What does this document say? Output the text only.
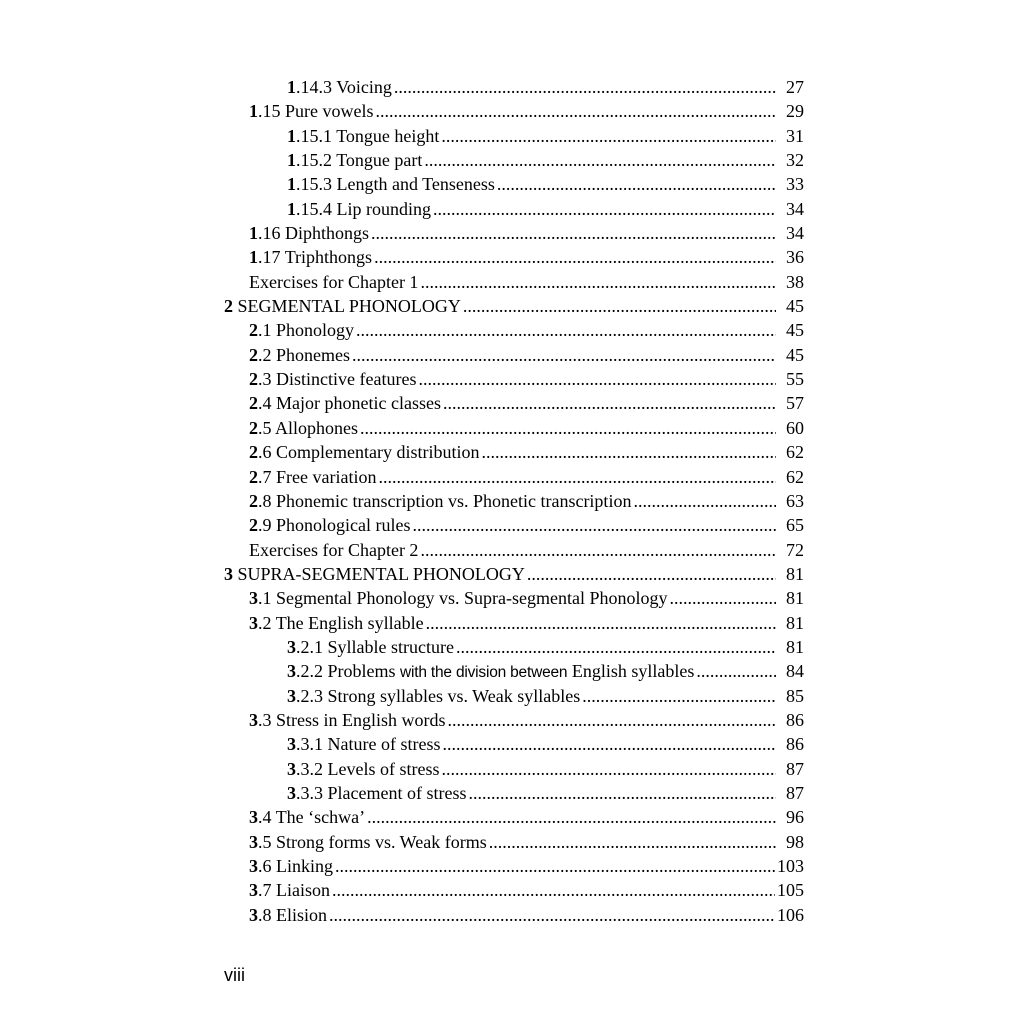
1.14.3 Voicing .....	27
1.15 Pure vowels .....	29
1.15.1 Tongue height .....	31
1.15.2 Tongue part .....	32
1.15.3 Length and Tenseness .....	33
1.15.4 Lip rounding .....	34
1.16 Diphthongs .....	34
1.17 Triphthongs .....	36
Exercises for Chapter 1 .....	38
2 SEGMENTAL PHONOLOGY .....	45
2.1 Phonology .....	45
2.2 Phonemes .....	45
2.3 Distinctive features .....	55
2.4 Major phonetic classes .....	57
2.5 Allophones .....	60
2.6 Complementary distribution .....	62
2.7 Free variation .....	62
2.8 Phonemic transcription vs. Phonetic transcription .....	63
2.9 Phonological rules .....	65
Exercises for Chapter 2 .....	72
3 SUPRA-SEGMENTAL PHONOLOGY .....	81
3.1 Segmental Phonology vs. Supra-segmental Phonology .....	81
3.2 The English syllable .....	81
3.2.1 Syllable structure .....	81
3.2.2 Problems with the division between English syllables .....	84
3.2.3 Strong syllables vs. Weak syllables .....	85
3.3 Stress in English words .....	86
3.3.1 Nature of stress .....	86
3.3.2 Levels of stress .....	87
3.3.3 Placement of stress .....	87
3.4 The ‘schwa’ .....	96
3.5 Strong forms vs. Weak forms .....	98
3.6 Linking .....	103
3.7 Liaison .....	105
3.8 Elision .....	106
viii
